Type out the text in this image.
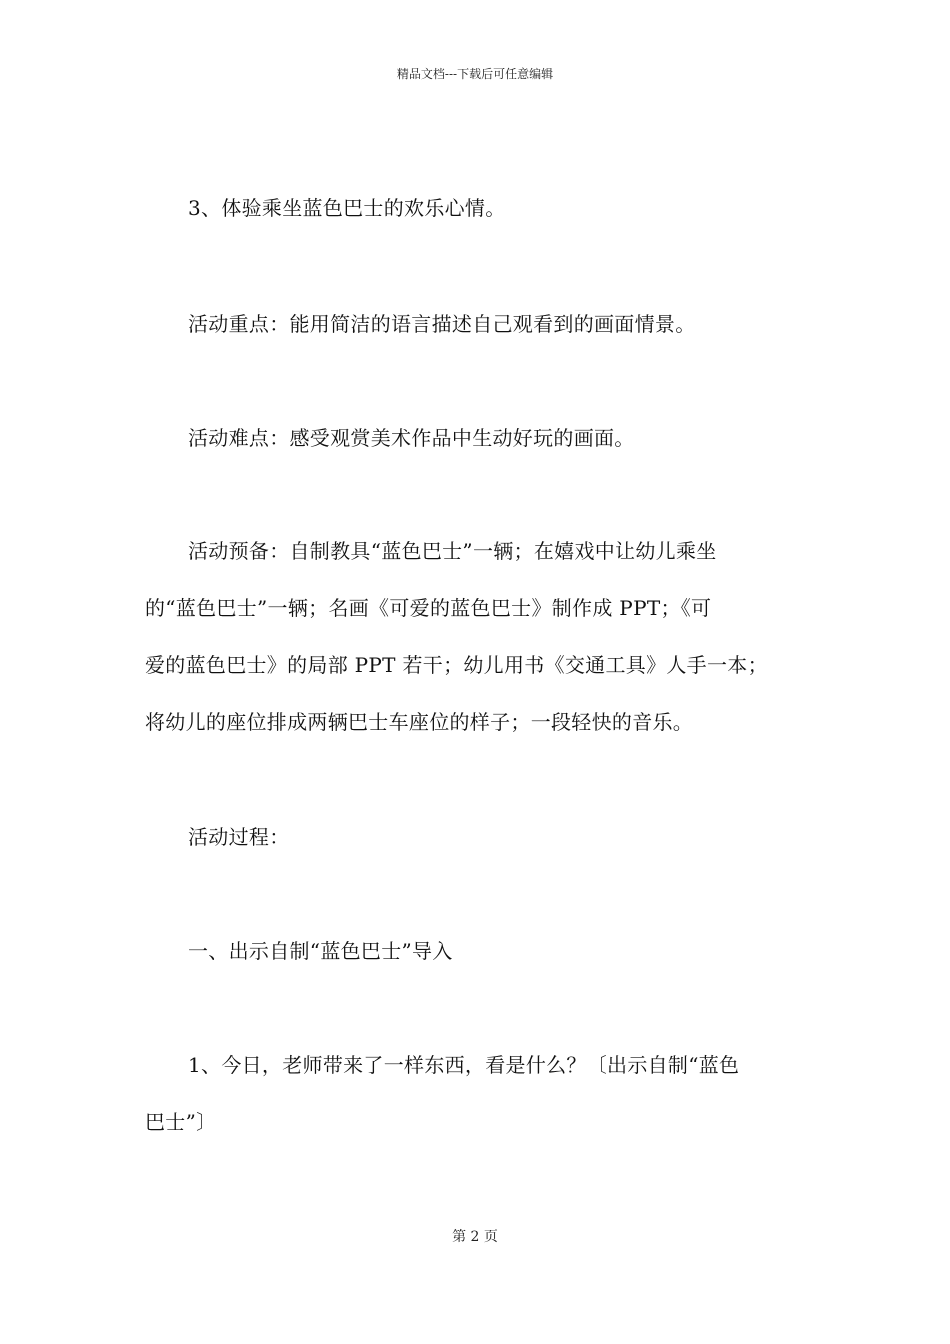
精品文档---下载后可任意编辑

3、体验乘坐蓝色巴士的欢乐心情。

活动重点：能用简洁的语言描述自己观看到的画面情景。

活动难点：感受观赏美术作品中生动好玩的画面。

活动预备：自制教具“蓝色巴士”一辆；在嬉戏中让幼儿乘坐
的“蓝色巴士”一辆；名画《可爱的蓝色巴士》制作成 PPT；《可
爱的蓝色巴士》的局部 PPT 若干；幼儿用书《交通工具》人手一本；
将幼儿的座位排成两辆巴士车座位的样子；一段轻快的音乐。

活动过程：

一、出示自制“蓝色巴士”导入

1、今日，老师带来了一样东西，看是什么？〔出示自制“蓝色
巴士”〕

第 2 页
